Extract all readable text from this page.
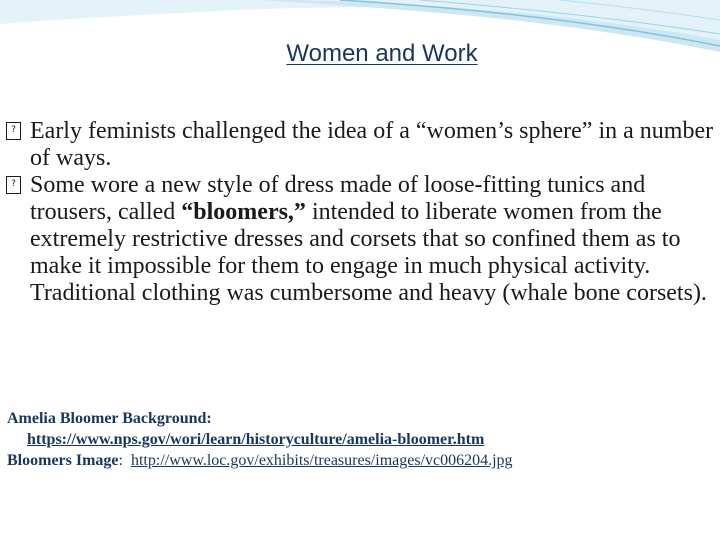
Women and Work

?
Early feminists challenged the idea of a “women’s sphere” in a number of ways.

?
Some wore a new style of dress made of loose-fitting tunics and trousers, called “bloomers,” intended to liberate women from the extremely restrictive dresses and corsets that so confined them as to make it impossible for them to engage in much physical activity. Traditional clothing was cumbersome and heavy (whale bone corsets).

Amelia Bloomer Background:

https://www.nps.gov/wori/learn/historyculture/amelia-bloomer.htm

Bloomers Image: http://www.loc.gov/exhibits/treasures/images/vc006204.jpg
